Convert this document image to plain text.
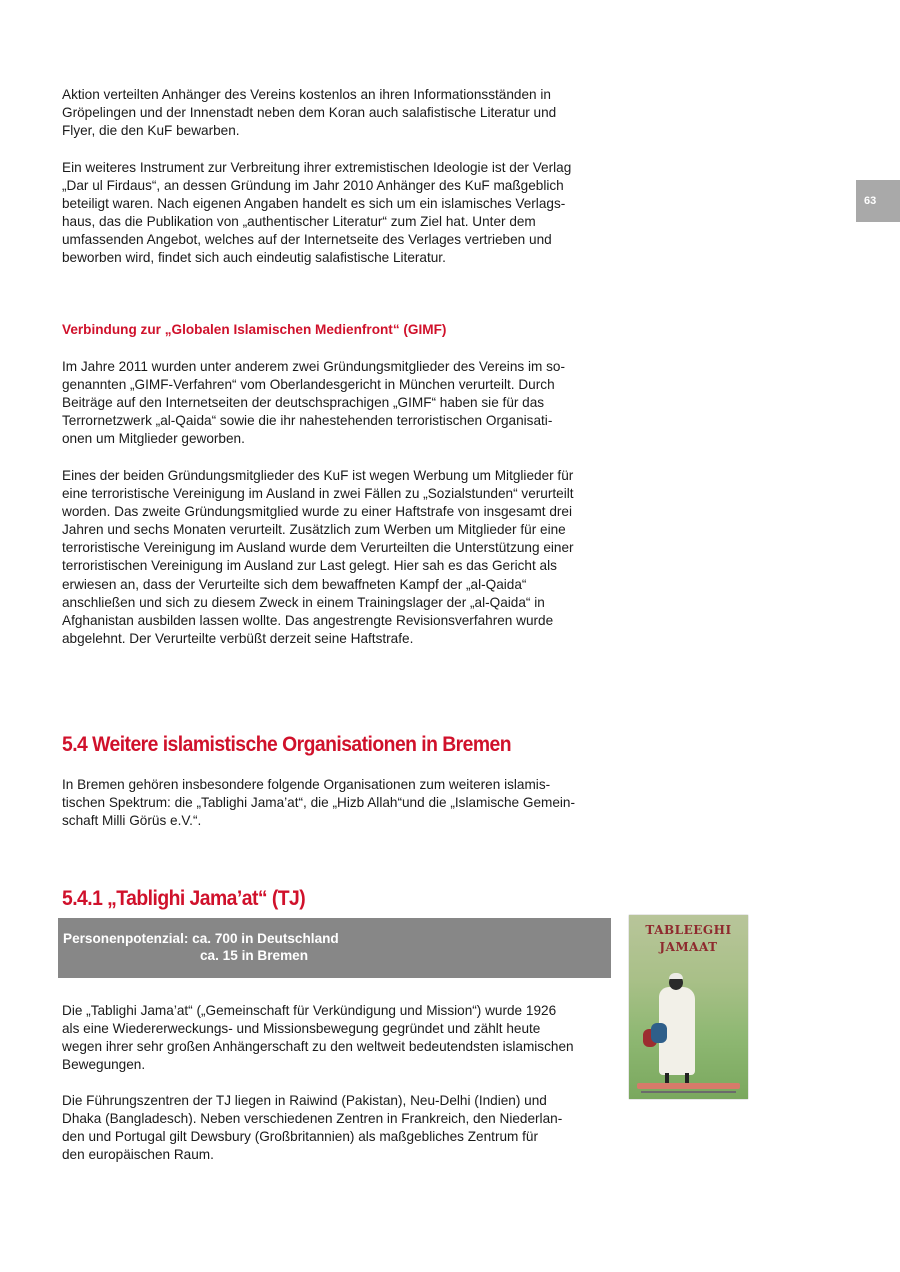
63
Aktion verteilten Anhänger des Vereins kostenlos an ihren Informationsständen in
Gröpelingen und der Innenstadt neben dem Koran auch salafistische Literatur und
Flyer, die den KuF bewarben.
Ein weiteres Instrument zur Verbreitung ihrer extremistischen Ideologie ist der Verlag
„Dar ul Firdaus“, an dessen Gründung im Jahr 2010 Anhänger des KuF maßgeblich
beteiligt waren. Nach eigenen Angaben handelt es sich um ein islamisches Verlags-
haus, das die Publikation von „authentischer Literatur“ zum Ziel hat. Unter dem
umfassenden Angebot, welches auf der Internetseite des Verlages vertrieben und
beworben wird, findet sich auch eindeutig salafistische Literatur.
Verbindung zur „Globalen Islamischen Medienfront“ (GIMF)
Im Jahre 2011 wurden unter anderem zwei Gründungsmitglieder des Vereins im so-
genannten „GIMF-Verfahren“ vom Oberlandesgericht in München verurteilt. Durch
Beiträge auf den Internetseiten der deutschsprachigen „GIMF“ haben sie für das
Terrornetzwerk „al-Qaida“ sowie die ihr nahestehenden terroristischen Organisati-
onen um Mitglieder geworben.
Eines der beiden Gründungsmitglieder des KuF ist wegen Werbung um Mitglieder für
eine terroristische Vereinigung im Ausland in zwei Fällen zu „Sozialstunden“ verurteilt
worden. Das zweite Gründungsmitglied wurde zu einer Haftstrafe von insgesamt drei
Jahren und sechs Monaten verurteilt. Zusätzlich zum Werben um Mitglieder für eine
terroristische Vereinigung im Ausland wurde dem Verurteilten die Unterstützung einer
terroristischen Vereinigung im Ausland zur Last gelegt. Hier sah es das Gericht als
erwiesen an, dass der Verurteilte sich dem bewaffneten Kampf der „al-Qaida“
anschließen und sich zu diesem Zweck in einem Trainingslager der „al-Qaida“ in
Afghanistan ausbilden lassen wollte. Das angestrengte Revisionsverfahren wurde
abgelehnt. Der Verurteilte verbüßt derzeit seine Haftstrafe.
5.4 Weitere islamistische Organisationen in Bremen
In Bremen gehören insbesondere folgende Organisationen zum weiteren islamis-
tischen Spektrum: die „Tablighi Jama’at“, die „Hizb Allah“und die „Islamische Gemein-
schaft Milli Görüs e.V.“.
5.4.1 „Tablighi Jama’at“ (TJ)
Personenpotenzial: ca. 700 in Deutschland
ca. 15 in Bremen
TABLEEGHI
JAMAAT
Die „Tablighi Jama’at“ („Gemeinschaft für Verkündigung und Mission“) wurde 1926
als eine Wiedererweckungs- und Missionsbewegung gegründet und zählt heute
wegen ihrer sehr großen Anhängerschaft zu den weltweit bedeutendsten islamischen
Bewegungen.
Die Führungszentren der TJ liegen in Raiwind (Pakistan), Neu-Delhi (Indien) und
Dhaka (Bangladesch). Neben verschiedenen Zentren in Frankreich, den Niederlan-
den und Portugal gilt Dewsbury (Großbritannien) als maßgebliches Zentrum für
den europäischen Raum.
